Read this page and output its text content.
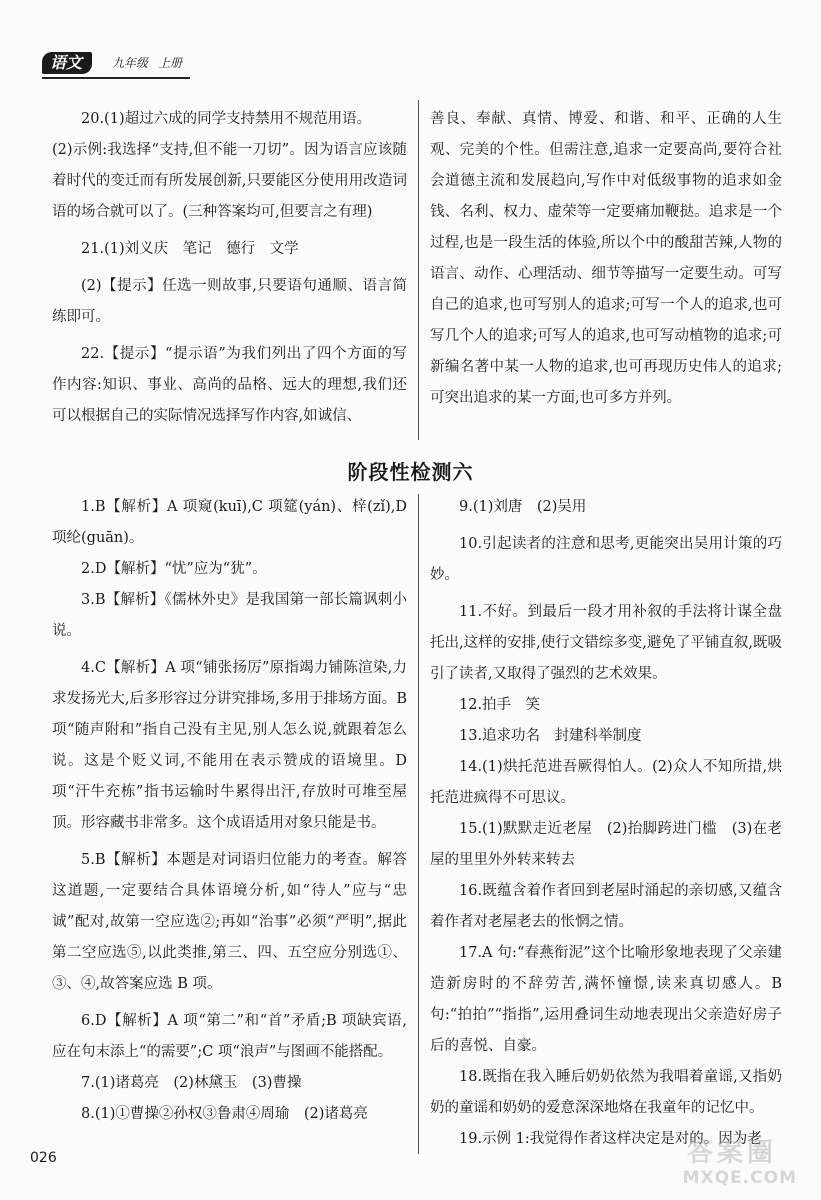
语文	九年级 上册

20.(1)超过六成的同学支持禁用不规范用语。

(2)示例:我选择“支持,但不能一刀切”。因为语言应该随着时代的变迁而有所发展创新,只要能区分使用用改造词语的场合就可以了。(三种答案均可,但要言之有理)

21.(1)刘义庆　笔记　德行　文学

(2)【提示】任选一则故事,只要语句通顺、语言简练即可。

22.【提示】“提示语”为我们列出了四个方面的写作内容:知识、事业、高尚的品格、远大的理想,我们还可以根据自己的实际情况选择写作内容,如诚信、

善良、奉献、真情、博爱、和谐、和平、正确的人生观、完美的个性。但需注意,追求一定要高尚,要符合社会道德主流和发展趋向,写作中对低级事物的追求如金钱、名利、权力、虚荣等一定要痛加鞭挞。追求是一个过程,也是一段生活的体验,所以个中的酸甜苦辣,人物的语言、动作、心理活动、细节等描写一定要生动。可写自己的追求,也可写别人的追求;可写一个人的追求,也可写几个人的追求;可写人的追求,也可写动植物的追求;可新编名著中某一人物的追求,也可再现历史伟人的追求;可突出追求的某一方面,也可多方并列。

阶段性检测六

1.B【解析】A 项窥(kuī),C 项筵(yán)、梓(zǐ),D 项纶(guān)。

2.D【解析】“忧”应为“犹”。

3.B【解析】《儒林外史》是我国第一部长篇讽刺小说。

4.C【解析】A 项“铺张扬厉”原指竭力铺陈渲染,力求发扬光大,后多形容过分讲究排场,多用于排场方面。B 项“随声附和”指自己没有主见,别人怎么说,就跟着怎么说。这是个贬义词,不能用在表示赞成的语境里。D 项“汗牛充栋”指书运输时牛累得出汗,存放时可堆至屋顶。形容藏书非常多。这个成语适用对象只能是书。

5.B【解析】本题是对词语归位能力的考查。解答这道题,一定要结合具体语境分析,如“待人”应与“忠诚”配对,故第一空应选②;再如“治事”必须“严明”,据此第二空应选⑤,以此类推,第三、四、五空应分别选①、③、④,故答案应选 B 项。

6.D【解析】A 项“第二”和“首”矛盾;B 项缺宾语,应在句末添上“的需要”;C 项“浪声”与图画不能搭配。

7.(1)诸葛亮　(2)林黛玉　(3)曹操

8.(1)①曹操②孙权③鲁肃④周瑜　(2)诸葛亮

9.(1)刘唐　(2)吴用

10.引起读者的注意和思考,更能突出吴用计策的巧妙。

11.不好。到最后一段才用补叙的手法将计谋全盘托出,这样的安排,使行文错综多变,避免了平铺直叙,既吸引了读者,又取得了强烈的艺术效果。

12.拍手　笑

13.追求功名　封建科举制度

14.(1)烘托范进吾厥得怕人。(2)众人不知所措,烘托范进疯得不可思议。

15.(1)默默走近老屋　(2)抬脚跨进门槛　(3)在老屋的里里外外转来转去

16.既蕴含着作者回到老屋时涌起的亲切感,又蕴含着作者对老屋老去的怅惘之情。

17.A 句:“春燕衔泥”这个比喻形象地表现了父亲建造新房时的不辞劳苦,满怀憧憬,读来真切感人。B 句:“拍拍”“指指”,运用叠词生动地表现出父亲造好房子后的喜悦、自豪。

18.既指在我入睡后奶奶依然为我唱着童谣,又指奶奶的童谣和奶奶的爱意深深地烙在我童年的记忆中。

19.示例 1:我觉得作者这样决定是对的。因为老

026	答案圈
MXQE.COM
